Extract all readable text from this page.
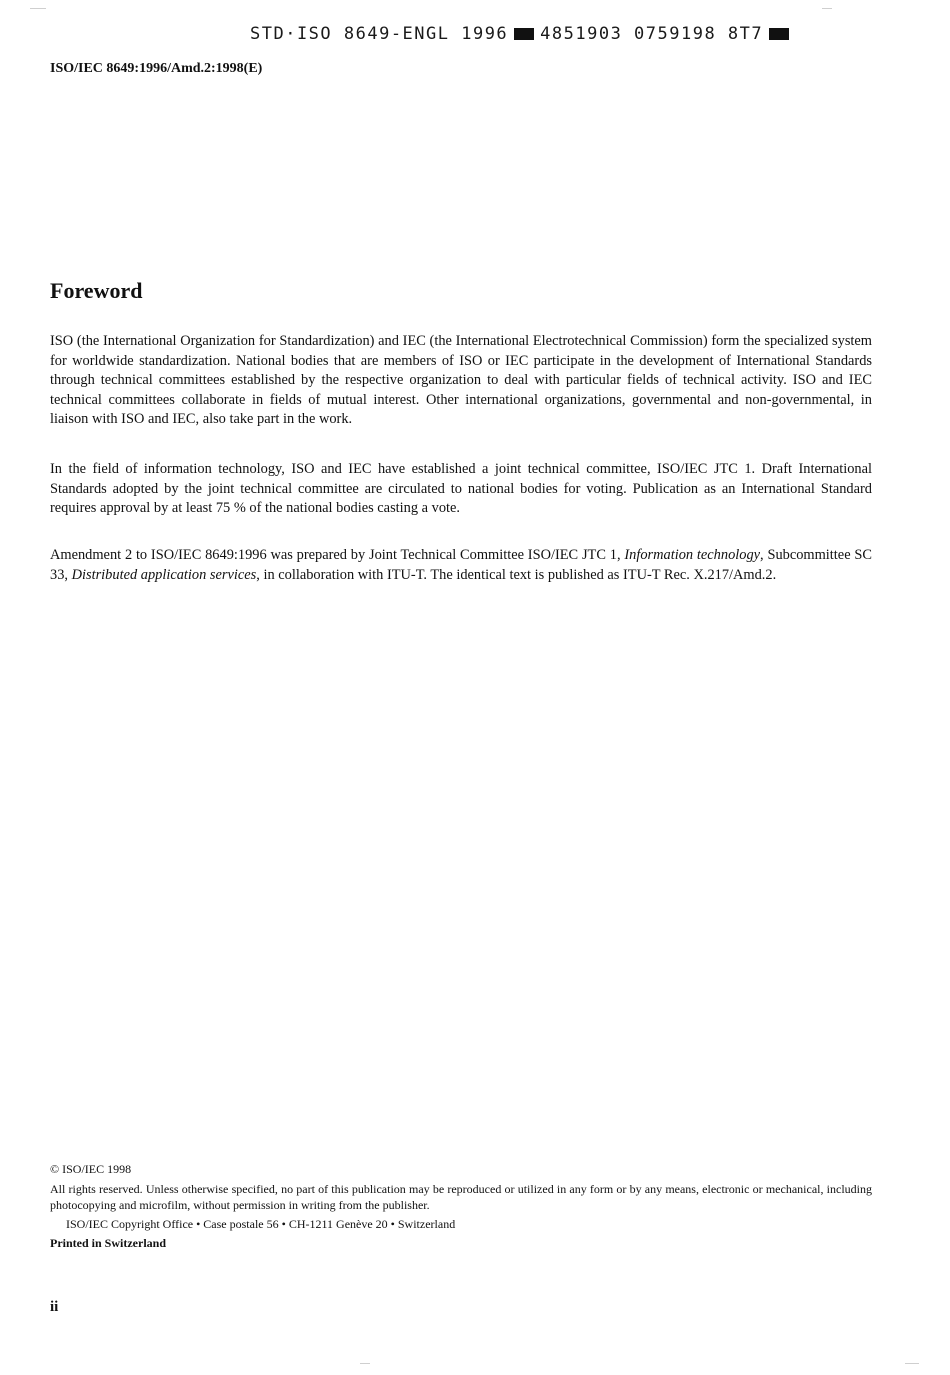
STD·ISO 8649-ENGL 1996 4851903 0759198 8T7
ISO/IEC 8649:1996/Amd.2:1998(E)
Foreword

ISO (the International Organization for Standardization) and IEC (the International Electrotechnical Commission) form the specialized system for worldwide standardization. National bodies that are members of ISO or IEC participate in the development of International Standards through technical committees established by the respective organization to deal with particular fields of technical activity. ISO and IEC technical committees collaborate in fields of mutual interest. Other international organizations, governmental and non-governmental, in liaison with ISO and IEC, also take part in the work.

In the field of information technology, ISO and IEC have established a joint technical committee, ISO/IEC JTC 1. Draft International Standards adopted by the joint technical committee are circulated to national bodies for voting. Publication as an International Standard requires approval by at least 75 % of the national bodies casting a vote.

Amendment 2 to ISO/IEC 8649:1996 was prepared by Joint Technical Committee ISO/IEC JTC 1, Information technology, Subcommittee SC 33, Distributed application services, in collaboration with ITU-T. The identical text is published as ITU-T Rec. X.217/Amd.2.

© ISO/IEC 1998

All rights reserved. Unless otherwise specified, no part of this publication may be reproduced or utilized in any form or by any means, electronic or mechanical, including photocopying and microfilm, without permission in writing from the publisher.

ISO/IEC Copyright Office • Case postale 56 • CH-1211 Genève 20 • Switzerland
Printed in Switzerland
ii
